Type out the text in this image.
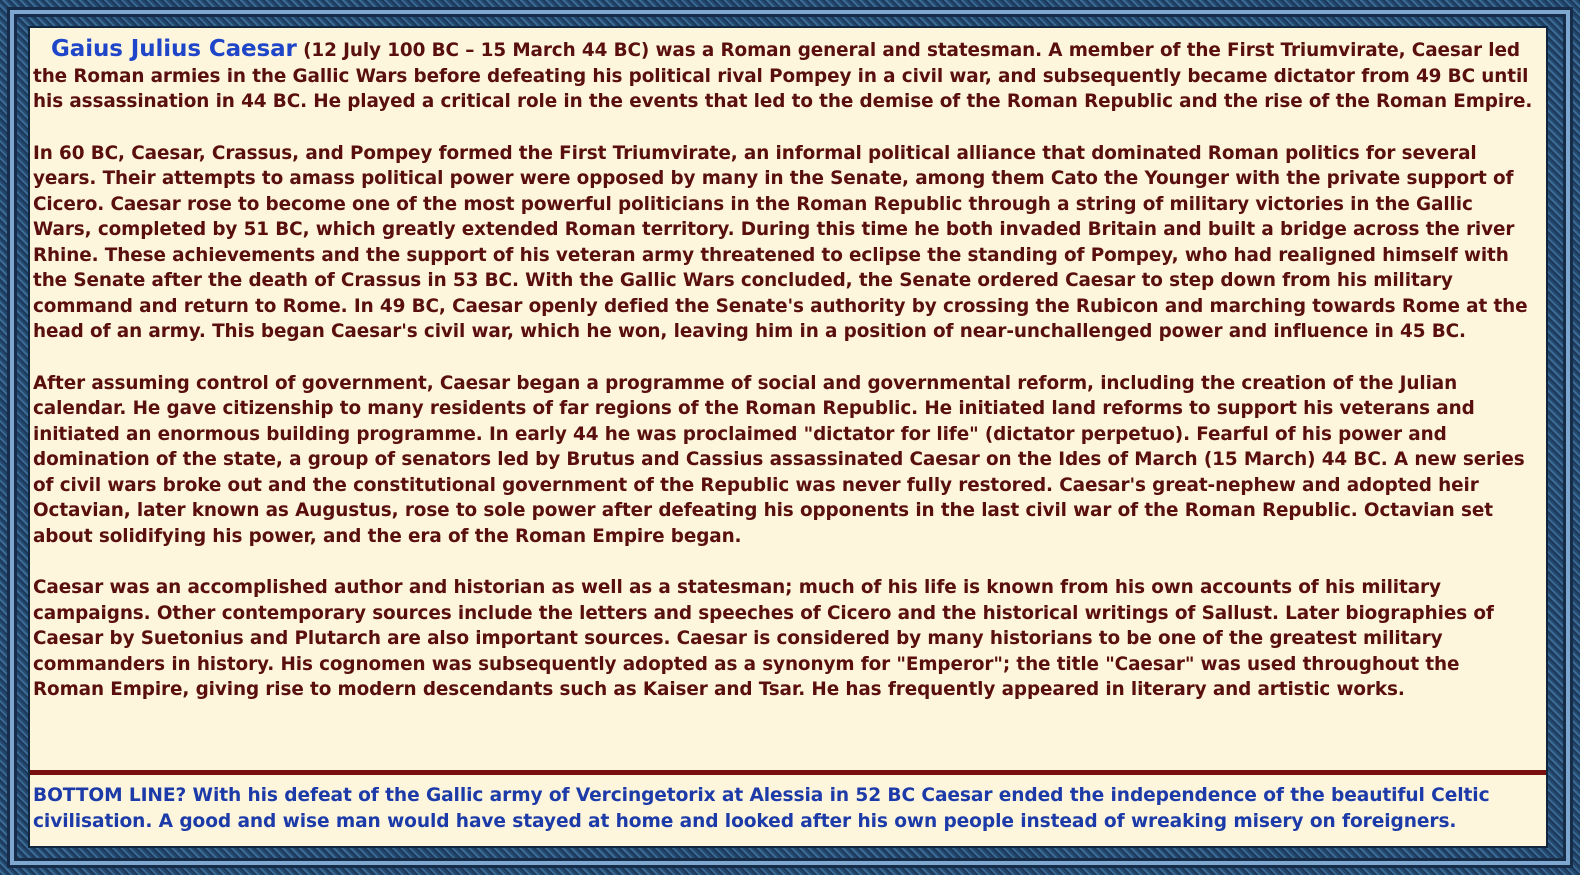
Gaius Julius Caesar (12 July 100 BC – 15 March 44 BC) was a Roman general and statesman. A member of the First Triumvirate, Caesar led the Roman armies in the Gallic Wars before defeating his political rival Pompey in a civil war, and subsequently became dictator from 49 BC until his assassination in 44 BC. He played a critical role in the events that led to the demise of the Roman Republic and the rise of the Roman Empire.

In 60 BC, Caesar, Crassus, and Pompey formed the First Triumvirate, an informal political alliance that dominated Roman politics for several years. Their attempts to amass political power were opposed by many in the Senate, among them Cato the Younger with the private support of Cicero. Caesar rose to become one of the most powerful politicians in the Roman Republic through a string of military victories in the Gallic Wars, completed by 51 BC, which greatly extended Roman territory. During this time he both invaded Britain and built a bridge across the river Rhine. These achievements and the support of his veteran army threatened to eclipse the standing of Pompey, who had realigned himself with the Senate after the death of Crassus in 53 BC. With the Gallic Wars concluded, the Senate ordered Caesar to step down from his military command and return to Rome. In 49 BC, Caesar openly defied the Senate's authority by crossing the Rubicon and marching towards Rome at the head of an army. This began Caesar's civil war, which he won, leaving him in a position of near-unchallenged power and influence in 45 BC.

After assuming control of government, Caesar began a programme of social and governmental reform, including the creation of the Julian calendar. He gave citizenship to many residents of far regions of the Roman Republic. He initiated land reforms to support his veterans and initiated an enormous building programme. In early 44 he was proclaimed "dictator for life" (dictator perpetuo). Fearful of his power and domination of the state, a group of senators led by Brutus and Cassius assassinated Caesar on the Ides of March (15 March) 44 BC. A new series of civil wars broke out and the constitutional government of the Republic was never fully restored. Caesar's great-nephew and adopted heir Octavian, later known as Augustus, rose to sole power after defeating his opponents in the last civil war of the Roman Republic. Octavian set about solidifying his power, and the era of the Roman Empire began.

Caesar was an accomplished author and historian as well as a statesman; much of his life is known from his own accounts of his military campaigns. Other contemporary sources include the letters and speeches of Cicero and the historical writings of Sallust. Later biographies of Caesar by Suetonius and Plutarch are also important sources. Caesar is considered by many historians to be one of the greatest military commanders in history. His cognomen was subsequently adopted as a synonym for "Emperor"; the title "Caesar" was used throughout the Roman Empire, giving rise to modern descendants such as Kaiser and Tsar. He has frequently appeared in literary and artistic works.

BOTTOM LINE? With his defeat of the Gallic army of Vercingetorix at Alessia in 52 BC Caesar ended the independence of the beautiful Celtic civilisation. A good and wise man would have stayed at home and looked after his own people instead of wreaking misery on foreigners.
